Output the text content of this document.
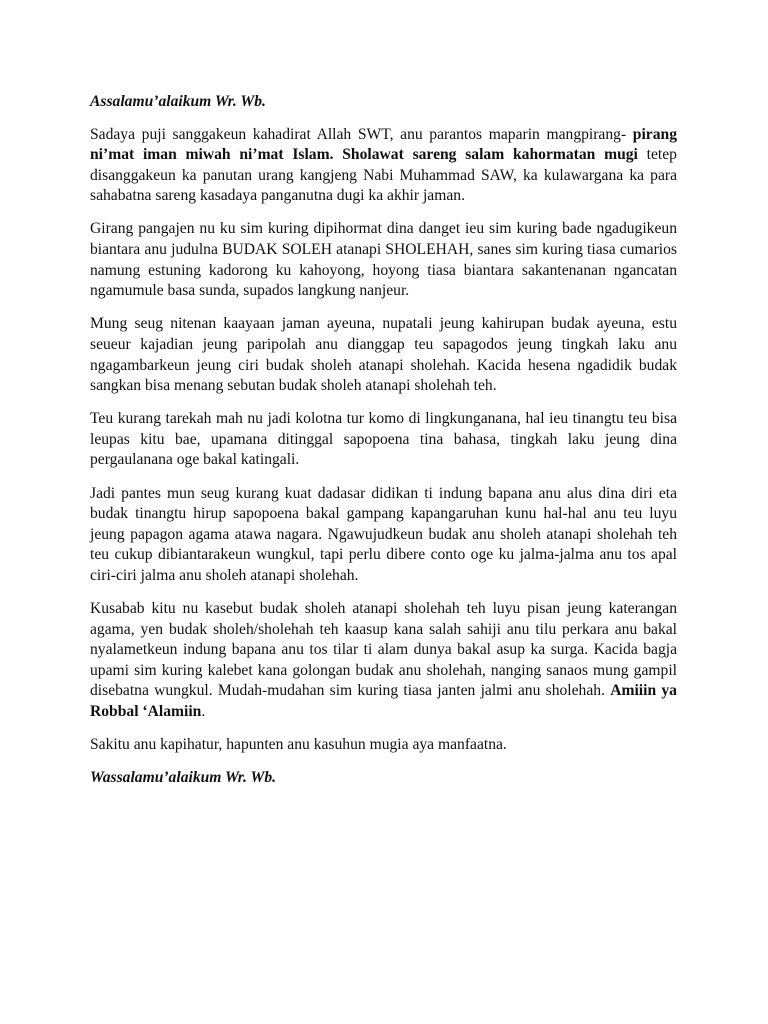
Assalamu’alaikum Wr. Wb.

Sadaya puji sanggakeun kahadirat Allah SWT, anu parantos maparin mangpirang- pirang ni’mat iman miwah ni’mat Islam. Sholawat sareng salam kahormatan mugi tetep disanggakeun ka panutan urang kangjeng Nabi Muhammad SAW, ka kulawargana ka para sahabatna sareng kasadaya panganutna dugi ka akhir jaman.

Girang pangajen nu ku sim kuring dipihormat dina danget ieu sim kuring bade ngadugikeun biantara anu judulna BUDAK SOLEH atanapi SHOLEHAH, sanes sim kuring tiasa cumarios namung estuning kadorong ku kahoyong, hoyong tiasa biantara sakantenanan ngancatan ngamumule basa sunda, supados langkung nanjeur.

Mung seug nitenan kaayaan jaman ayeuna, nupatali jeung kahirupan budak ayeuna, estu seueur kajadian jeung paripolah anu dianggap teu sapagodos jeung tingkah laku anu ngagambarkeun jeung ciri budak sholeh atanapi sholehah. Kacida hesena ngadidik budak sangkan bisa menang sebutan budak sholeh atanapi sholehah teh.

Teu kurang tarekah mah nu jadi kolotna tur komo di lingkunganana, hal ieu tinangtu teu bisa leupas kitu bae, upamana ditinggal sapopoena tina bahasa, tingkah laku jeung dina pergaulanana oge bakal katingali.

Jadi pantes mun seug kurang kuat dadasar didikan ti indung bapana anu alus dina diri eta budak tinangtu hirup sapopoena bakal gampang kapangaruhan kunu hal-hal anu teu luyu jeung papagon agama atawa nagara. Ngawujudkeun budak anu sholeh atanapi sholehah teh teu cukup dibiantarakeun wungkul, tapi perlu dibere conto oge ku jalma-jalma anu tos apal ciri-ciri jalma anu sholeh atanapi sholehah.

Kusabab kitu nu kasebut budak sholeh atanapi sholehah teh luyu pisan jeung katerangan agama, yen budak sholeh/sholehah teh kaasup kana salah sahiji anu tilu perkara anu bakal nyalametkeun indung bapana anu tos tilar ti alam dunya bakal asup ka surga. Kacida bagja upami sim kuring kalebet kana golongan budak anu sholehah, nanging sanaos mung gampil disebatna wungkul. Mudah-mudahan sim kuring tiasa janten jalmi anu sholehah. Amiiin ya Robbal ‘Alamiin.

Sakitu anu kapihatur, hapunten anu kasuhun mugia aya manfaatna.

Wassalamu’alaikum Wr. Wb.
